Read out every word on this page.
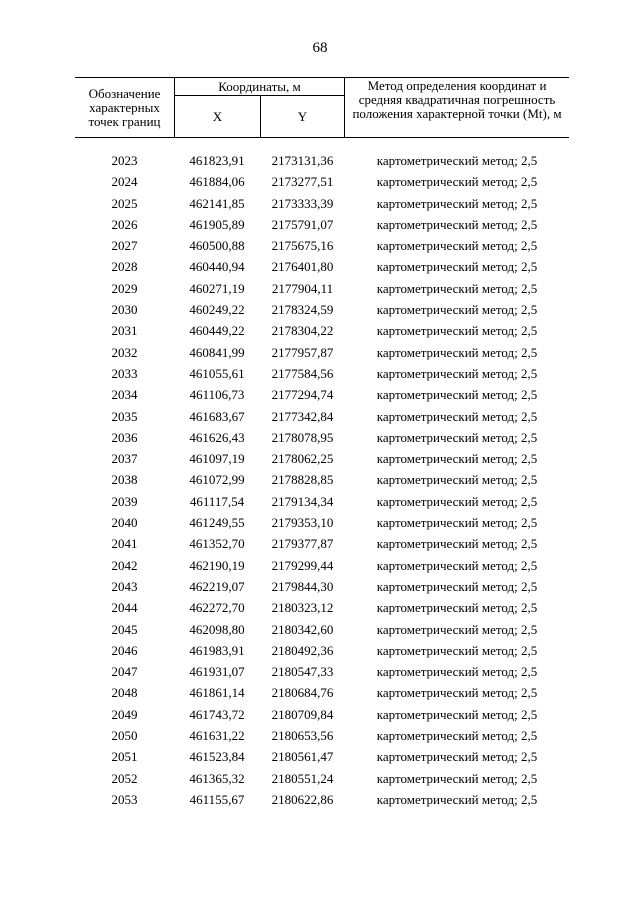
68
Обозначение характерных точек границ
Координаты, м
X	Y
Метод определения координат и средняя квадратичная погрешность положения характерной точки (Mt), м
2023	461823,91	2173131,36	картометрический метод; 2,5
2024	461884,06	2173277,51	картометрический метод; 2,5
2025	462141,85	2173333,39	картометрический метод; 2,5
2026	461905,89	2175791,07	картометрический метод; 2,5
2027	460500,88	2175675,16	картометрический метод; 2,5
2028	460440,94	2176401,80	картометрический метод; 2,5
2029	460271,19	2177904,11	картометрический метод; 2,5
2030	460249,22	2178324,59	картометрический метод; 2,5
2031	460449,22	2178304,22	картометрический метод; 2,5
2032	460841,99	2177957,87	картометрический метод; 2,5
2033	461055,61	2177584,56	картометрический метод; 2,5
2034	461106,73	2177294,74	картометрический метод; 2,5
2035	461683,67	2177342,84	картометрический метод; 2,5
2036	461626,43	2178078,95	картометрический метод; 2,5
2037	461097,19	2178062,25	картометрический метод; 2,5
2038	461072,99	2178828,85	картометрический метод; 2,5
2039	461117,54	2179134,34	картометрический метод; 2,5
2040	461249,55	2179353,10	картометрический метод; 2,5
2041	461352,70	2179377,87	картометрический метод; 2,5
2042	462190,19	2179299,44	картометрический метод; 2,5
2043	462219,07	2179844,30	картометрический метод; 2,5
2044	462272,70	2180323,12	картометрический метод; 2,5
2045	462098,80	2180342,60	картометрический метод; 2,5
2046	461983,91	2180492,36	картометрический метод; 2,5
2047	461931,07	2180547,33	картометрический метод; 2,5
2048	461861,14	2180684,76	картометрический метод; 2,5
2049	461743,72	2180709,84	картометрический метод; 2,5
2050	461631,22	2180653,56	картометрический метод; 2,5
2051	461523,84	2180561,47	картометрический метод; 2,5
2052	461365,32	2180551,24	картометрический метод; 2,5
2053	461155,67	2180622,86	картометрический метод; 2,5
